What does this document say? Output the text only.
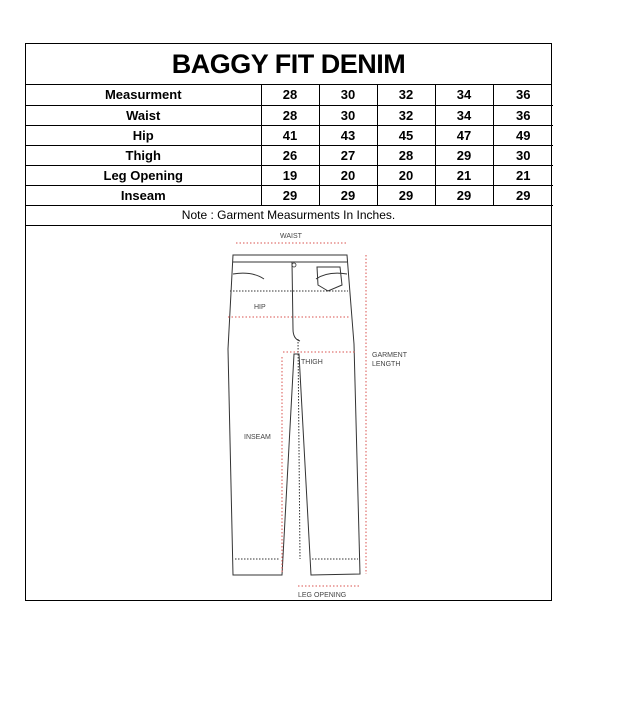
BAGGY FIT DENIM
Measurment	28	30	32	34	36
Waist	28	30	32	34	36
Hip	41	43	45	47	49
Thigh	26	27	28	29	30
Leg Opening	19	20	20	21	21
Inseam	29	29	29	29	29
Note : Garment Measurments In Inches.
WAIST
HIP
THIGH
INSEAM
GARMENT
LENGTH
LEG OPENING
